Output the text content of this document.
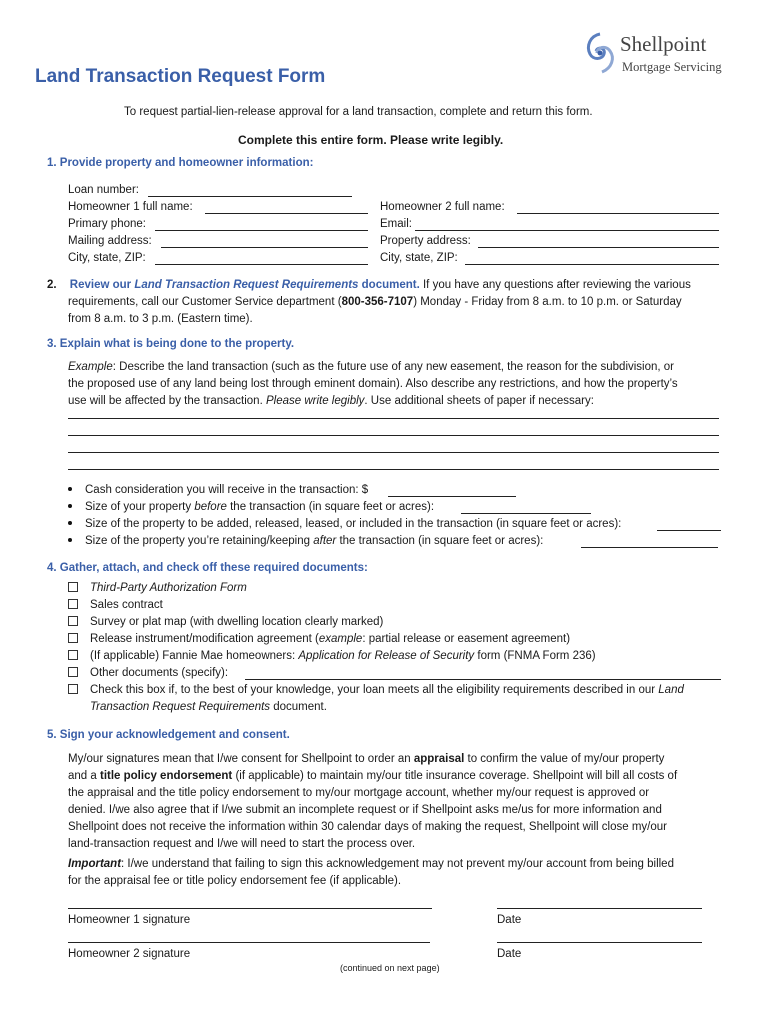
Shellpoint
Mortgage Servicing
Land Transaction Request Form
To request partial-lien-release approval for a land transaction, complete and return this form.
Complete this entire form. Please write legibly.
1. Provide property and homeowner information:
Loan number:
Homeowner 1 full name:
Primary phone:
Mailing address:
City, state, ZIP:
Homeowner 2 full name:
Email:
Property address:
City, state, ZIP:
2. Review our Land Transaction Request Requirements document. If you have any questions after reviewing the various
requirements, call our Customer Service department (800-356-7107) Monday - Friday from 8 a.m. to 10 p.m. or Saturday
from 8 a.m. to 3 p.m. (Eastern time).
3. Explain what is being done to the property.
Example: Describe the land transaction (such as the future use of any new easement, the reason for the subdivision, or
the proposed use of any land being lost through eminent domain). Also describe any restrictions, and how the property’s
use will be affected by the transaction. Please write legibly. Use additional sheets of paper if necessary:
Cash consideration you will receive in the transaction: $
Size of your property before the transaction (in square feet or acres):
Size of the property to be added, released, leased, or included in the transaction (in square feet or acres):
Size of the property you’re retaining/keeping after the transaction (in square feet or acres):
4. Gather, attach, and check off these required documents:
Third-Party Authorization Form
Sales contract
Survey or plat map (with dwelling location clearly marked)
Release instrument/modification agreement (example: partial release or easement agreement)
(If applicable) Fannie Mae homeowners: Application for Release of Security form (FNMA Form 236)
Other documents (specify):
Check this box if, to the best of your knowledge, your loan meets all the eligibility requirements described in our Land
Transaction Request Requirements document.
5. Sign your acknowledgement and consent.
My/our signatures mean that I/we consent for Shellpoint to order an appraisal to confirm the value of my/our property
and a title policy endorsement (if applicable) to maintain my/our title insurance coverage. Shellpoint will bill all costs of
the appraisal and the title policy endorsement to my/our mortgage account, whether my/our request is approved or
denied. I/we also agree that if I/we submit an incomplete request or if Shellpoint asks me/us for more information and
Shellpoint does not receive the information within 30 calendar days of making the request, Shellpoint will close my/our
land-transaction request and I/we will need to start the process over.
Important: I/we understand that failing to sign this acknowledgement may not prevent my/our account from being billed
for the appraisal fee or title policy endorsement fee (if applicable).
Homeowner 1 signature	Date
Homeowner 2 signature	Date
(continued on next page)
